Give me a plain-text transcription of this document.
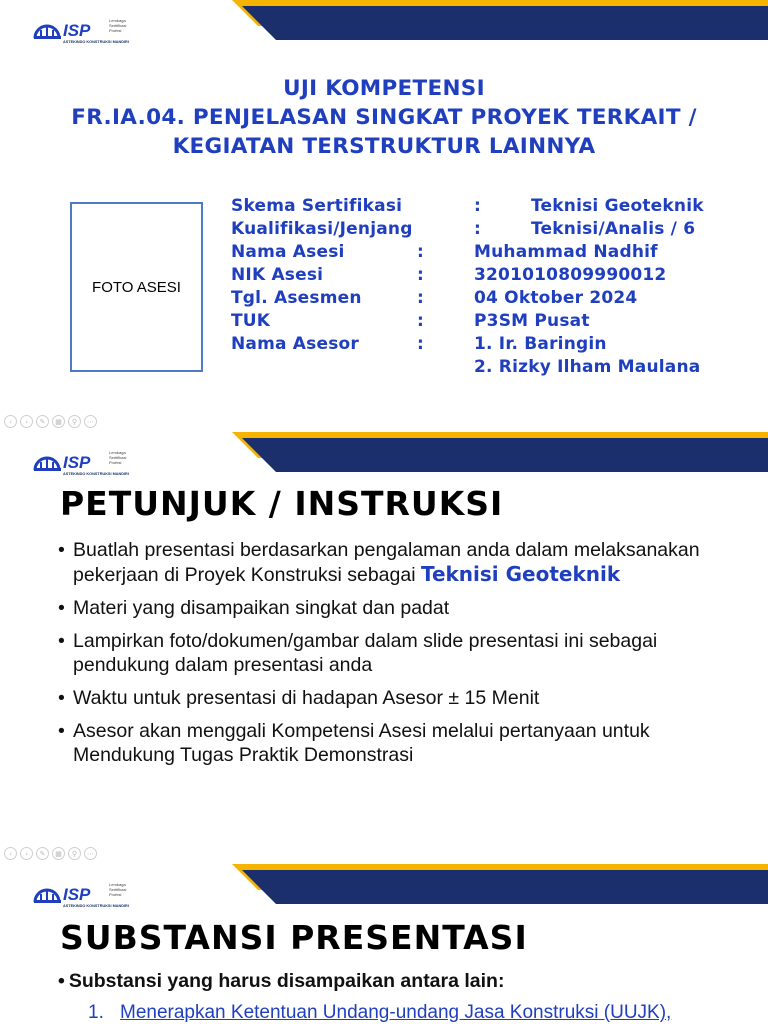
ISP
Lembaga
Sertifikasi
Profesi
ASTEKINDO KONSTRUKSI MANDIRI
UJI KOMPETENSI
FR.IA.04. PENJELASAN SINGKAT PROYEK TERKAIT /
KEGIATAN TERSTRUKTUR LAINNYA
FOTO ASESI
Skema Sertifikasi	:	Teknisi Geoteknik
Kualifikasi/Jenjang	:	Teknisi/Analis / 6
Nama Asesi	:	Muhammad Nadhif
NIK Asesi	:	3201010809990012
Tgl. Asesmen	:	04 Oktober 2024
TUK	:	P3SM Pusat
Nama Asesor	:	1. Ir. Baringin
2. Rizky Ilham Maulana
‹	›	✎	▦	⚲	⋯
ISP
Lembaga
Sertifikasi
Profesi
ASTEKINDO KONSTRUKSI MANDIRI
PETUNJUK / INSTRUKSI
• Buatlah presentasi berdasarkan pengalaman anda dalam melaksanakan pekerjaan di Proyek Konstruksi sebagai Teknisi Geoteknik
• Materi yang disampaikan singkat dan padat
• Lampirkan foto/dokumen/gambar dalam slide presentasi ini sebagai pendukung dalam presentasi anda
• Waktu untuk presentasi di hadapan Asesor ± 15 Menit
• Asesor akan menggali Kompetensi Asesi melalui pertanyaan untuk Mendukung Tugas Praktik Demonstrasi
‹	›	✎	▦	⚲	⋯
ISP
Lembaga
Sertifikasi
Profesi
ASTEKINDO KONSTRUKSI MANDIRI
SUBSTANSI PRESENTASI
• Substansi yang harus disampaikan antara lain:
1. Menerapkan Ketentuan Undang-undang Jasa Konstruksi (UUJK),
